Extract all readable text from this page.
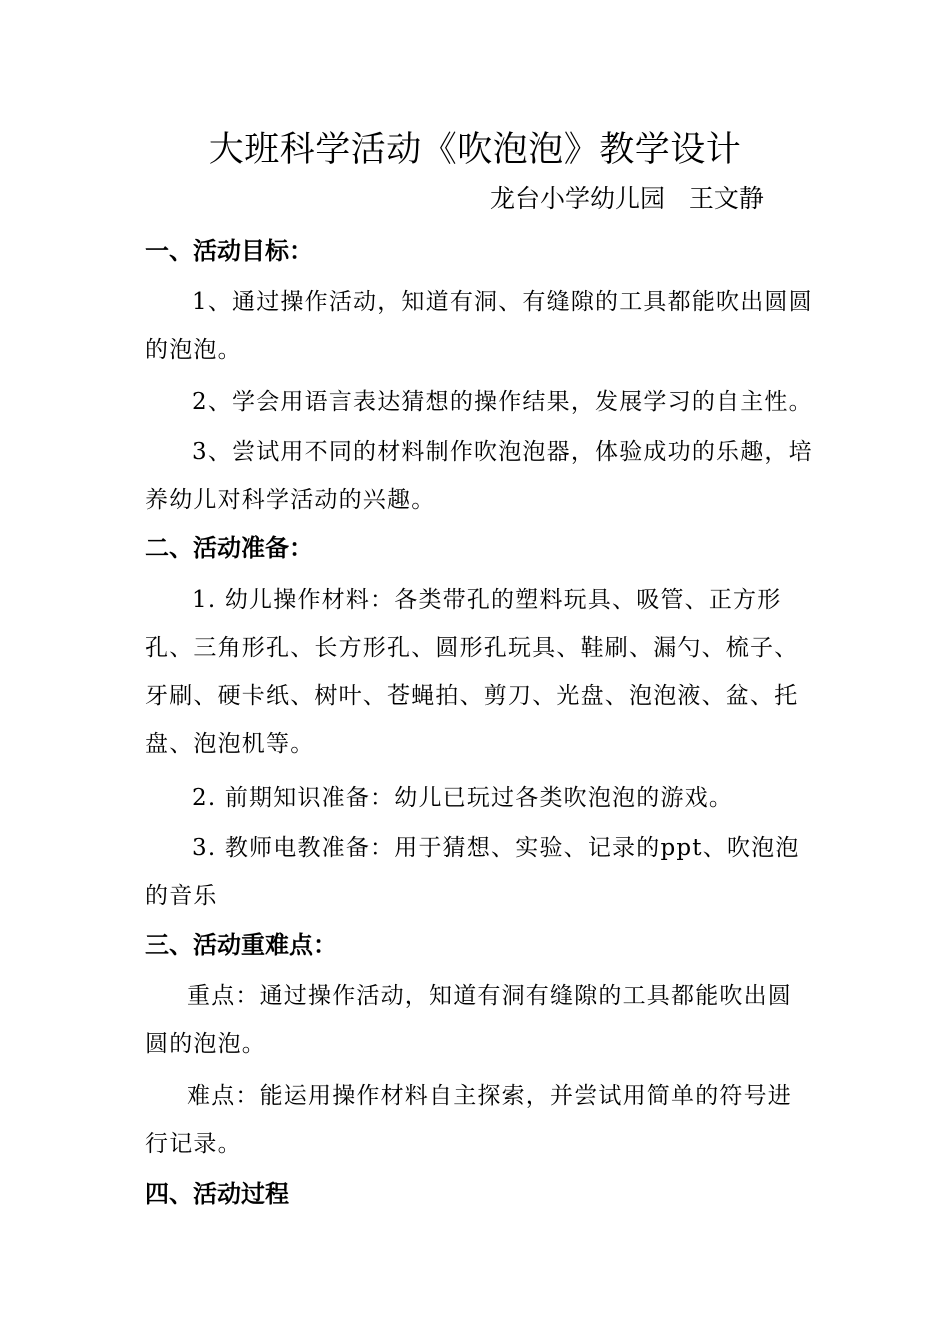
大班科学活动《吹泡泡》教学设计
龙台小学幼儿园   王文静
一、活动目标：
1、通过操作活动，知道有洞、有缝隙的工具都能吹出圆圆的泡泡。
2、学会用语言表达猜想的操作结果，发展学习的自主性。
3、尝试用不同的材料制作吹泡泡器，体验成功的乐趣，培养幼儿对科学活动的兴趣。
二、活动准备：
1. 幼儿操作材料：各类带孔的塑料玩具、吸管、正方形孔、三角形孔、长方形孔、圆形孔玩具、鞋刷、漏勺、梳子、牙刷、硬卡纸、树叶、苍蝇拍、剪刀、光盘、泡泡液、盆、托盘、泡泡机等。
2. 前期知识准备：幼儿已玩过各类吹泡泡的游戏。
3. 教师电教准备：用于猜想、实验、记录的ppt、吹泡泡的音乐
三、活动重难点：
重点：通过操作活动，知道有洞有缝隙的工具都能吹出圆圆的泡泡。
难点：能运用操作材料自主探索，并尝试用简单的符号进行记录。
四、活动过程
